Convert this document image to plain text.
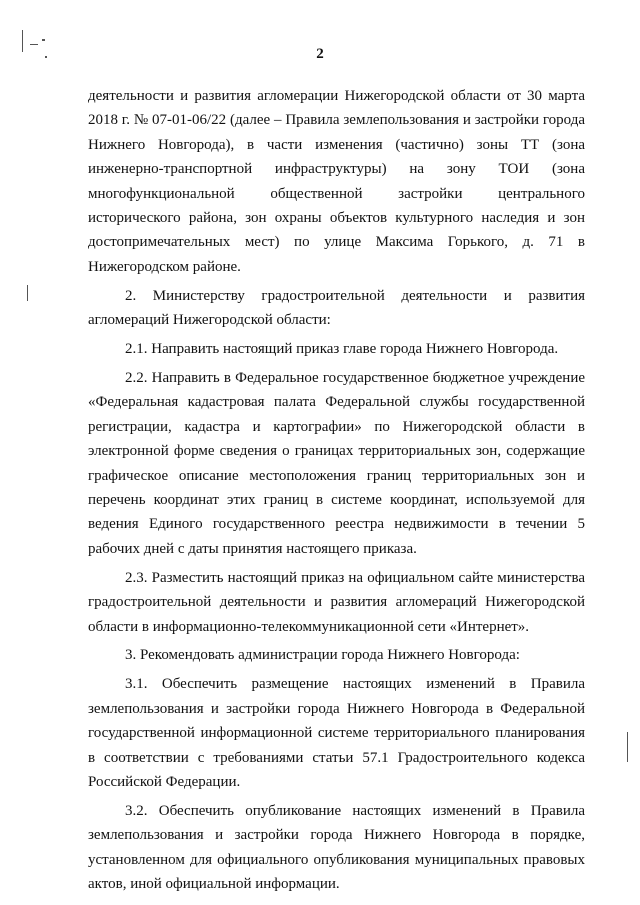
2

деятельности и развития агломерации Нижегородской области от 30 марта 2018 г. № 07-01-06/22 (далее – Правила землепользования и застройки города Нижнего Новгорода), в части изменения (частично) зоны ТТ (зона инженерно-транспортной инфраструктуры) на зону ТОИ (зона многофункциональной общественной застройки центрального исторического района, зон охраны объектов культурного наследия и зон достопримечательных мест) по улице Максима Горького, д. 71 в Нижегородском районе.

2. Министерству градостроительной деятельности и развития агломераций Нижегородской области:

2.1. Направить настоящий приказ главе города Нижнего Новгорода.

2.2. Направить в Федеральное государственное бюджетное учреждение «Федеральная кадастровая палата Федеральной службы государственной регистрации, кадастра и картографии» по Нижегородской области в электронной форме сведения о границах территориальных зон, содержащие графическое описание местоположения границ территориальных зон и перечень координат этих границ в системе координат, используемой для ведения Единого государственного реестра недвижимости в течении 5 рабочих дней с даты принятия настоящего приказа.

2.3. Разместить настоящий приказ на официальном сайте министерства градостроительной деятельности и развития агломераций Нижегородской области в информационно-телекоммуникационной сети «Интернет».

3. Рекомендовать администрации города Нижнего Новгорода:

3.1. Обеспечить размещение настоящих изменений в Правила землепользования и застройки города Нижнего Новгорода в Федеральной государственной информационной системе территориального планирования в соответствии с требованиями статьи 57.1 Градостроительного кодекса Российской Федерации.

3.2. Обеспечить опубликование настоящих изменений в Правила землепользования и застройки города Нижнего Новгорода в порядке, установленном для официального опубликования муниципальных правовых актов, иной официальной информации.
